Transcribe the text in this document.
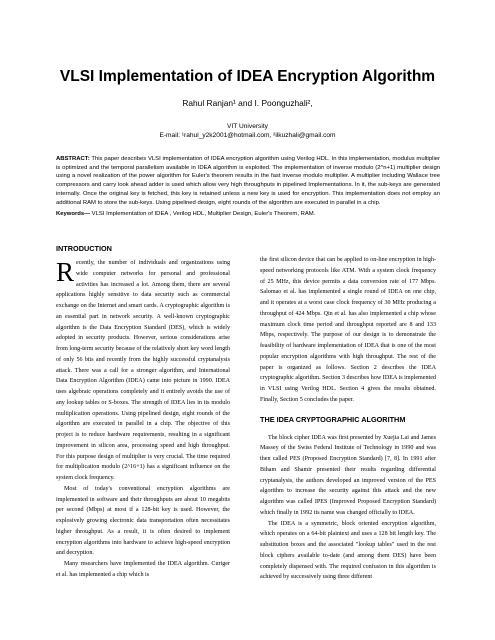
VLSI Implementation of IDEA Encryption Algorithm
Rahul Ranjan¹ and I. Poonguzhali²,
VIT University
E-mail: ¹rahul_y2k2001@hotmail.com, ²ilkuzhali@gmail.com
ABSTRACT: This paper describes VLSI implementation of IDEA encryption algorithm using Verilog HDL. In this implementation, modulus multiplier is optimized and the temporal parallelism available in IDEA algorithm is exploited. The implementation of inverse modulo (2^n+1) multiplier design using a novel realization of the power algorithm for Euler's theorem results in the fast inverse modulo multiplier. A multiplier including Wallace tree compressors and carry look ahead adder is used which allow very high throughputs in pipelined Implementations. In it, the sub-keys are generated internally. Once the original key is fetched, this key is retained unless a new key is used for encryption. This implementation does not employ an additional RAM to store the sub-keys. Using pipelined design, eight rounds of the algorithm are executed in parallel in a chip.
Keywords— VLSI Implementation of IDEA , Verilog HDL, Multiplier Design, Euler's Theorem, RAM.
INTRODUCTION

Recently, the number of individuals and organizations using wide computer networks for personal and professional activities has increased a lot. Among them, there are several applications highly sensitive to data security such as commercial exchange on the Internet and smart cards. A cryptographic algorithm is an essential part in network security. A well-known cryptographic algorithm is the Data Encryption Standard (DES), which is widely adopted in security products. However, serious considerations arise from long-term security because of the relatively short key word length of only 56 bits and recently from the highly successful cryptanalysis attack. There was a call for a stronger algorithm, and International Data Encryption Algorithm (IDEA) came into picture in 1990. IDEA uses algebraic operations completely and it entirely avoids the use of any lookup tables or S-boxes. The strength of IDEA lies in its modulo multiplication operations. Using pipelined design, eight rounds of the algorithm are executed in parallel in a chip. The objective of this project is to reduce hardware requirements, resulting in a significant improvement in silicon area, processing speed and high throughput. For this purpose design of multiplier is very crucial. The time required for multiplication modulo (2^16+1) has a significant influence on the system clock frequency.

Most of today's conventional encryption algorithms are implemented in software and their throughputs are about 10 megabits per second (Mbps) at most if a 128-bit key is used. However, the explosively growing electronic data transportation often necessitates higher throughput. As a result, it is often desired to implement encryption algorithms into hardware to achieve high-speed encryption and decryption.

Many researchers have implemented the IDEA algorithm. Curiger et al. has implemented a chip which is

the first silicon device that can be applied to on-line encryption in high-speed networking protocols like ATM. With a system clock frequency of 25 MHz, this device permits a data conversion rate of 177 Mbps. Salomao et al. has implemented a single round of IDEA on one chip, and it operates at a worst case clock frequency of 30 MHz producing a throughput of 424 Mbps. Qin et al. has also implemented a chip whose maximum clock time period and throughput reported are 8 and 133 Mbps, respectively. The purpose of our design is to demonstrate the feasibility of hardware implementation of IDEA that is one of the most popular encryption algorithms with high throughput. The rest of the paper is organized as follows. Section 2 describes the IDEA cryptographic algorithm. Section 3 describes how IDEA is implemented in VLSI using Verilog HDL. Section 4 gives the results obtained. Finally, Section 5 concludes the paper.

THE IDEA CRYPTOGRAPHIC ALGORITHM

The block cipher IDEA was first presented by Xuejia Lai and James Massey of the Swiss Federal Institute of Technology in 1990 and was then called PES (Proposed Encryption Standard) [7, 8]. In 1991 after Biham and Shamir presented their results regarding differential cryptanalysis, the authors developed an improved version of the PES algorithm to increase the security against this attack and the new algorithm was called IPES (Improved Proposed Encryption Standard) which finally in 1992 its name was changed officially to IDEA.

The IDEA is a symmetric, block oriented encryption algorithm, which operates on a 64-bit plaintext and uses a 128 bit length key. The substitution boxes and the associated "lookup tables" used in the rest block ciphers available to-date (and among them DES) have been completely dispensed with. The required confusion in this algorithm is achieved by successively using three different
